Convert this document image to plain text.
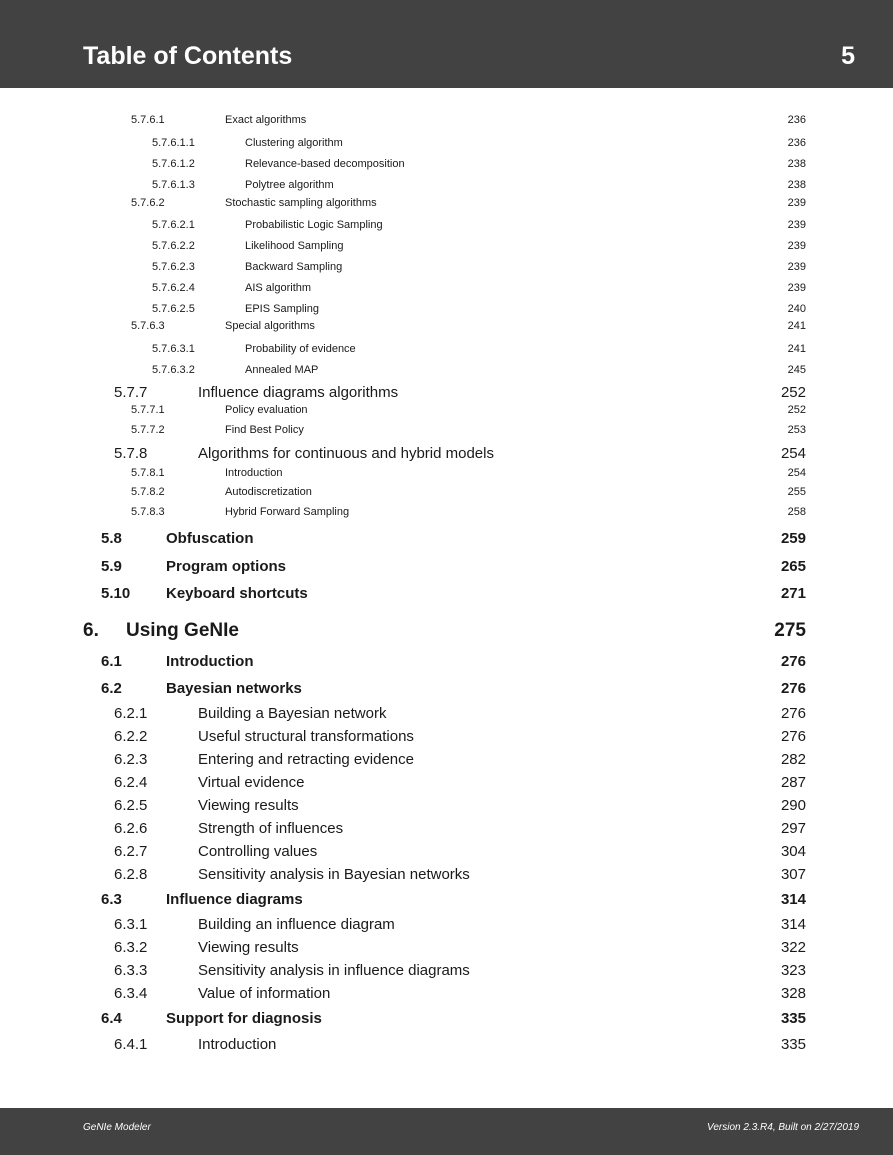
Table of Contents	5
5.7.6.1	Exact algorithms	236
5.7.6.1.1	Clustering algorithm	236
5.7.6.1.2	Relevance-based decomposition	238
5.7.6.1.3	Polytree algorithm	238
5.7.6.2	Stochastic sampling algorithms	239
5.7.6.2.1	Probabilistic Logic Sampling	239
5.7.6.2.2	Likelihood Sampling	239
5.7.6.2.3	Backward Sampling	239
5.7.6.2.4	AIS algorithm	239
5.7.6.2.5	EPIS Sampling	240
5.7.6.3	Special algorithms	241
5.7.6.3.1	Probability of evidence	241
5.7.6.3.2	Annealed MAP	245
5.7.7	Influence diagrams algorithms	252
5.7.7.1	Policy evaluation	252
5.7.7.2	Find Best Policy	253
5.7.8	Algorithms for continuous and hybrid models	254
5.7.8.1	Introduction	254
5.7.8.2	Autodiscretization	255
5.7.8.3	Hybrid Forward Sampling	258
5.8	Obfuscation	259
5.9	Program options	265
5.10	Keyboard shortcuts	271
6.	Using GeNIe	275
6.1	Introduction	276
6.2	Bayesian networks	276
6.2.1	Building a Bayesian network	276
6.2.2	Useful structural transformations	276
6.2.3	Entering and retracting evidence	282
6.2.4	Virtual evidence	287
6.2.5	Viewing results	290
6.2.6	Strength of influences	297
6.2.7	Controlling values	304
6.2.8	Sensitivity analysis in Bayesian networks	307
6.3	Influence diagrams	314
6.3.1	Building an influence diagram	314
6.3.2	Viewing results	322
6.3.3	Sensitivity analysis in influence diagrams	323
6.3.4	Value of information	328
6.4	Support for diagnosis	335
6.4.1	Introduction	335
GeNIe Modeler	Version 2.3.R4, Built on 2/27/2019
